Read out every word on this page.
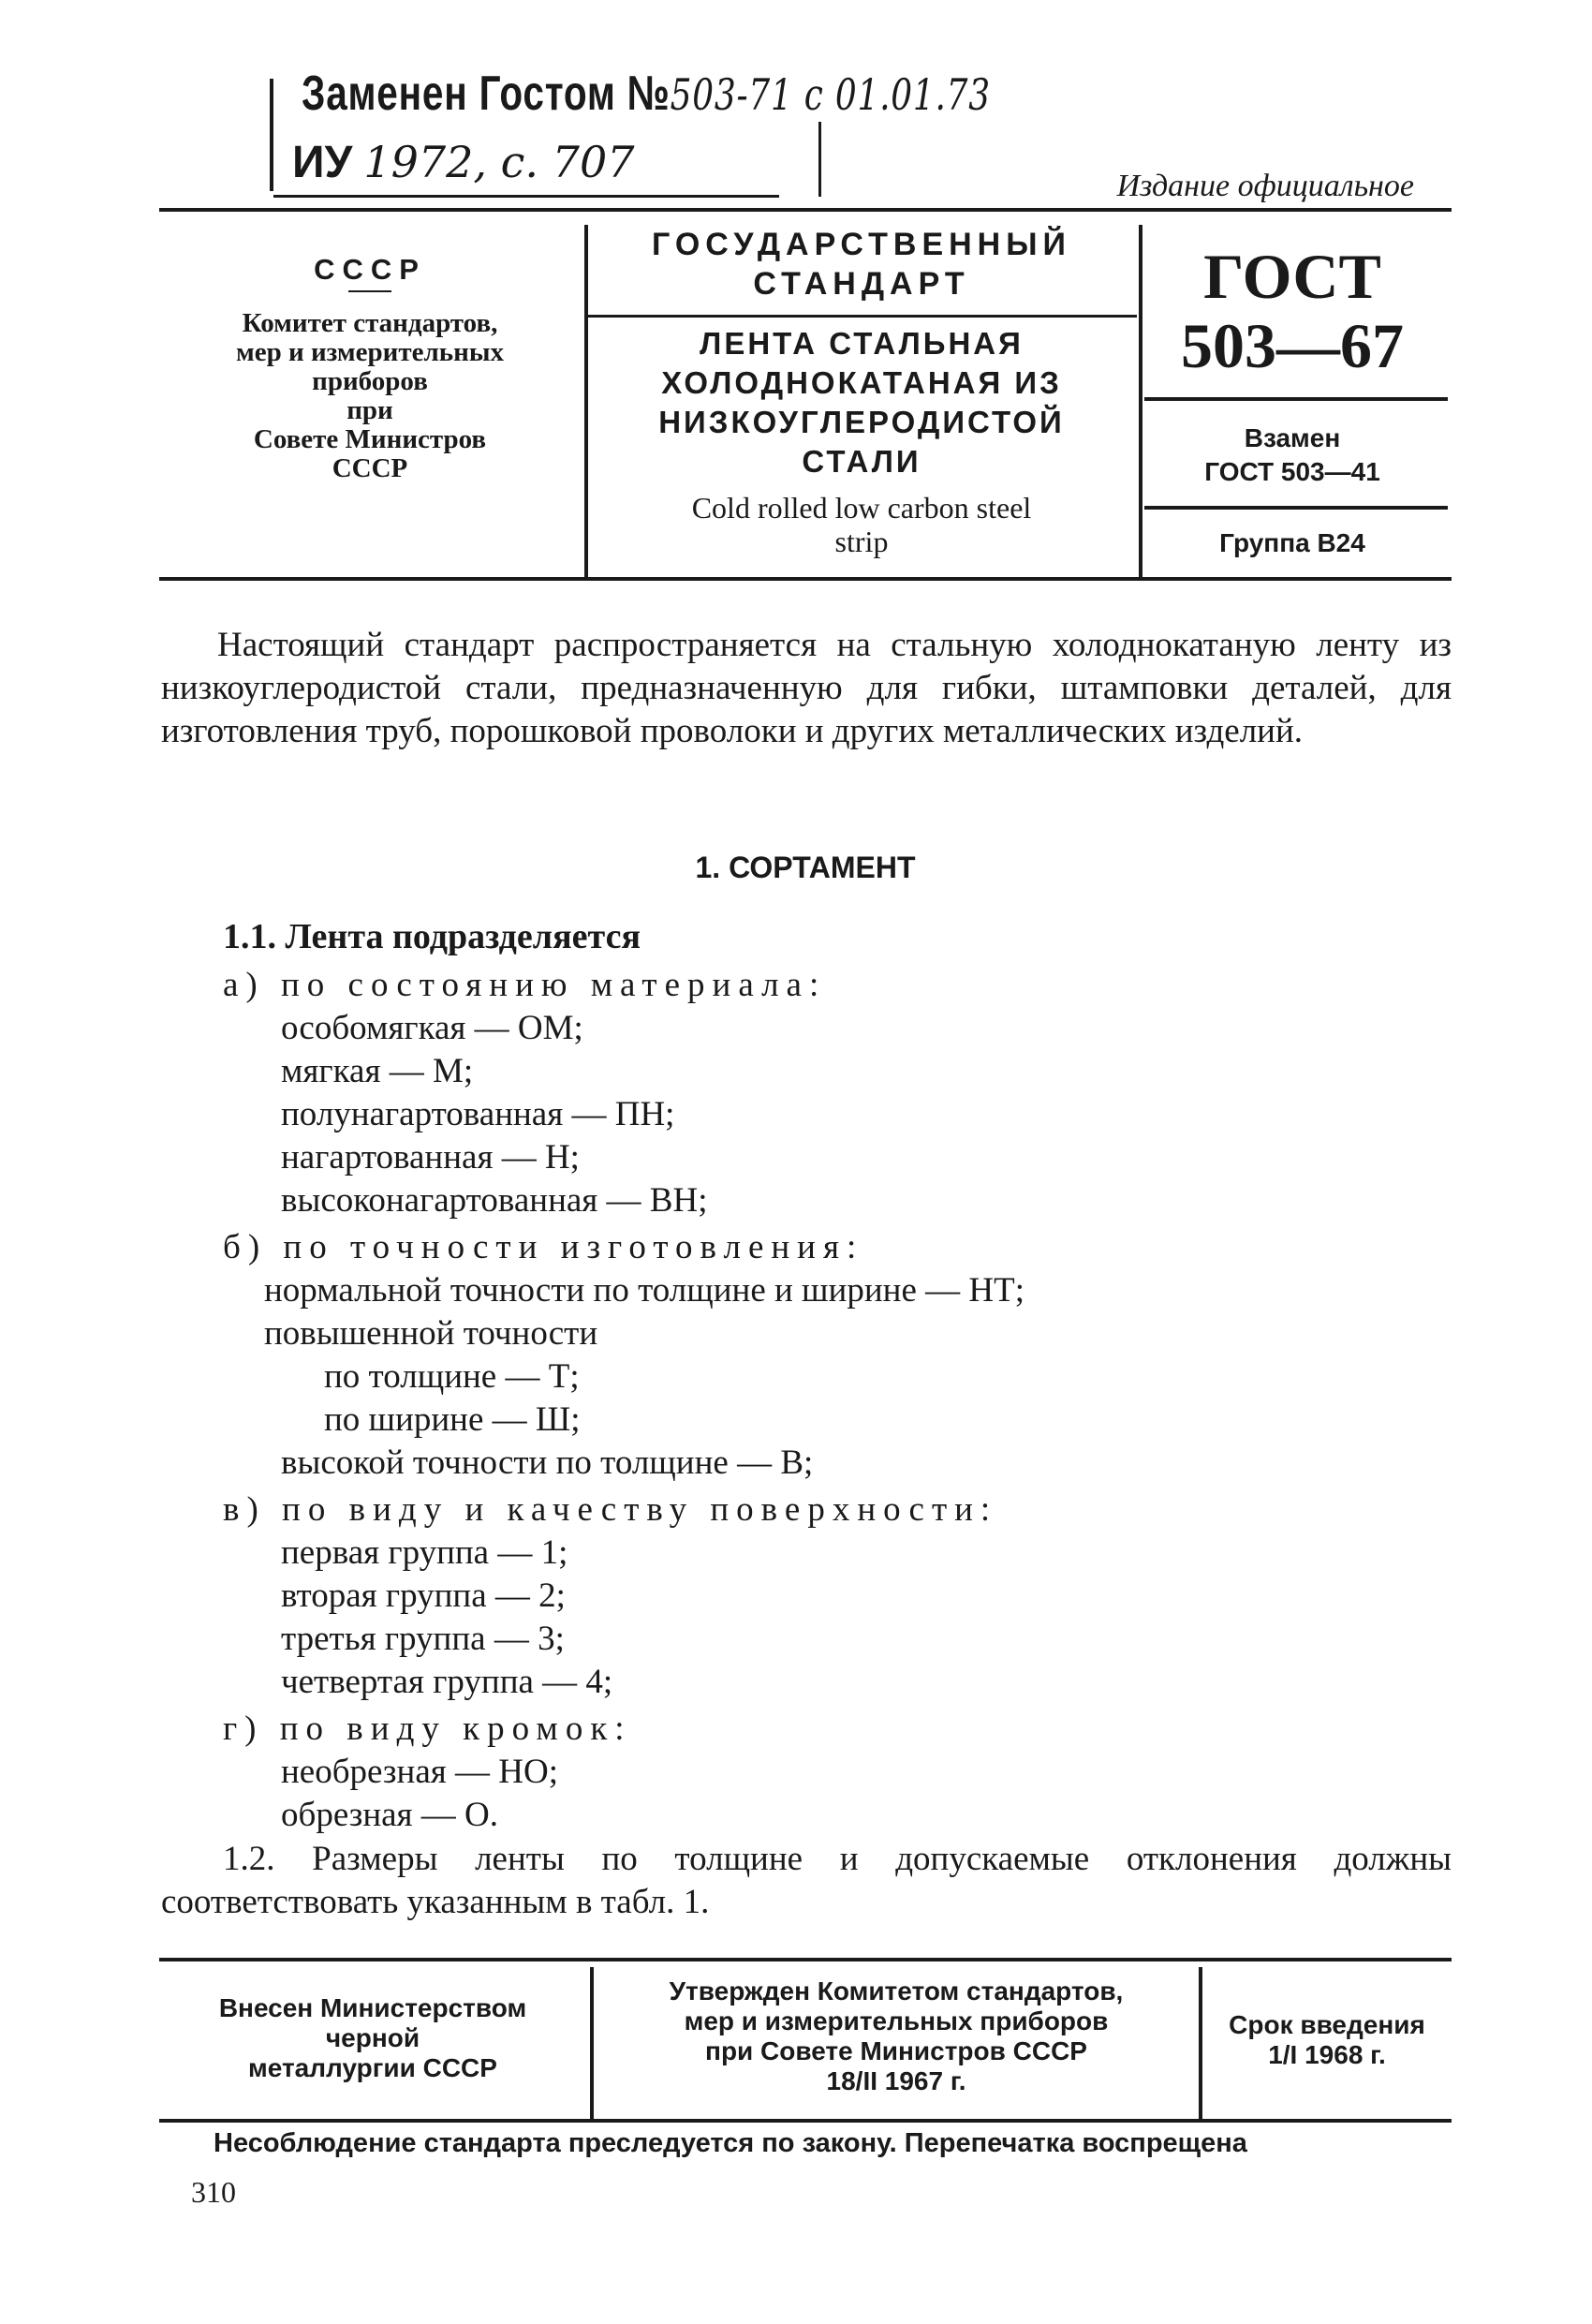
Заменен Гостом №503-71 с 01.01.73
ИУ 1972, с. 707	Издание официальное
СССР
Комитет стандартов,
мер и измерительных
приборов
при
Совете Министров
СССР
ГОСУДАРСТВЕННЫЙ
СТАНДАРТ
ЛЕНТА СТАЛЬНАЯ
ХОЛОДНОКАТАНАЯ ИЗ
НИЗКОУГЛЕРОДИСТОЙ
СТАЛИ
Cold rolled low carbon steel
strip
ГОСТ
503—67
Взамен
ГОСТ 503—41
Группа В24

Настоящий стандарт распространяется на стальную холоднокатаную ленту из низкоуглеродистой стали, предназначенную для гибки, штамповки деталей, для изготовления труб, порошковой проволоки и других металлических изделий.

1. СОРТАМЕНТ
1.1. Лента подразделяется
а) по состоянию материала:
особомягкая — ОМ;
мягкая — М;
полунагартованная — ПН;
нагартованная — Н;
высоконагартованная — ВН;
б) по точности изготовления:
нормальной точности по толщине и ширине — НТ;
повышенной точности
по толщине — Т;
по ширине — Ш;
высокой точности по толщине — В;
в) по виду и качеству поверхности:
первая группа — 1;
вторая группа — 2;
третья группа — 3;
четвертая группа — 4;
г) по виду кромок:
необрезная — НО;
обрезная — О.

1.2. Размеры ленты по толщине и допускаемые отклонения должны соответствовать указанным в табл. 1.

Внесен Министерством
черной
металлургии СССР
Утвержден Комитетом стандартов,
мер и измерительных приборов
при Совете Министров СССР
18/II 1967 г.
Срок введения
1/I 1968 г.
Несоблюдение стандарта преследуется по закону. Перепечатка воспрещена
310
